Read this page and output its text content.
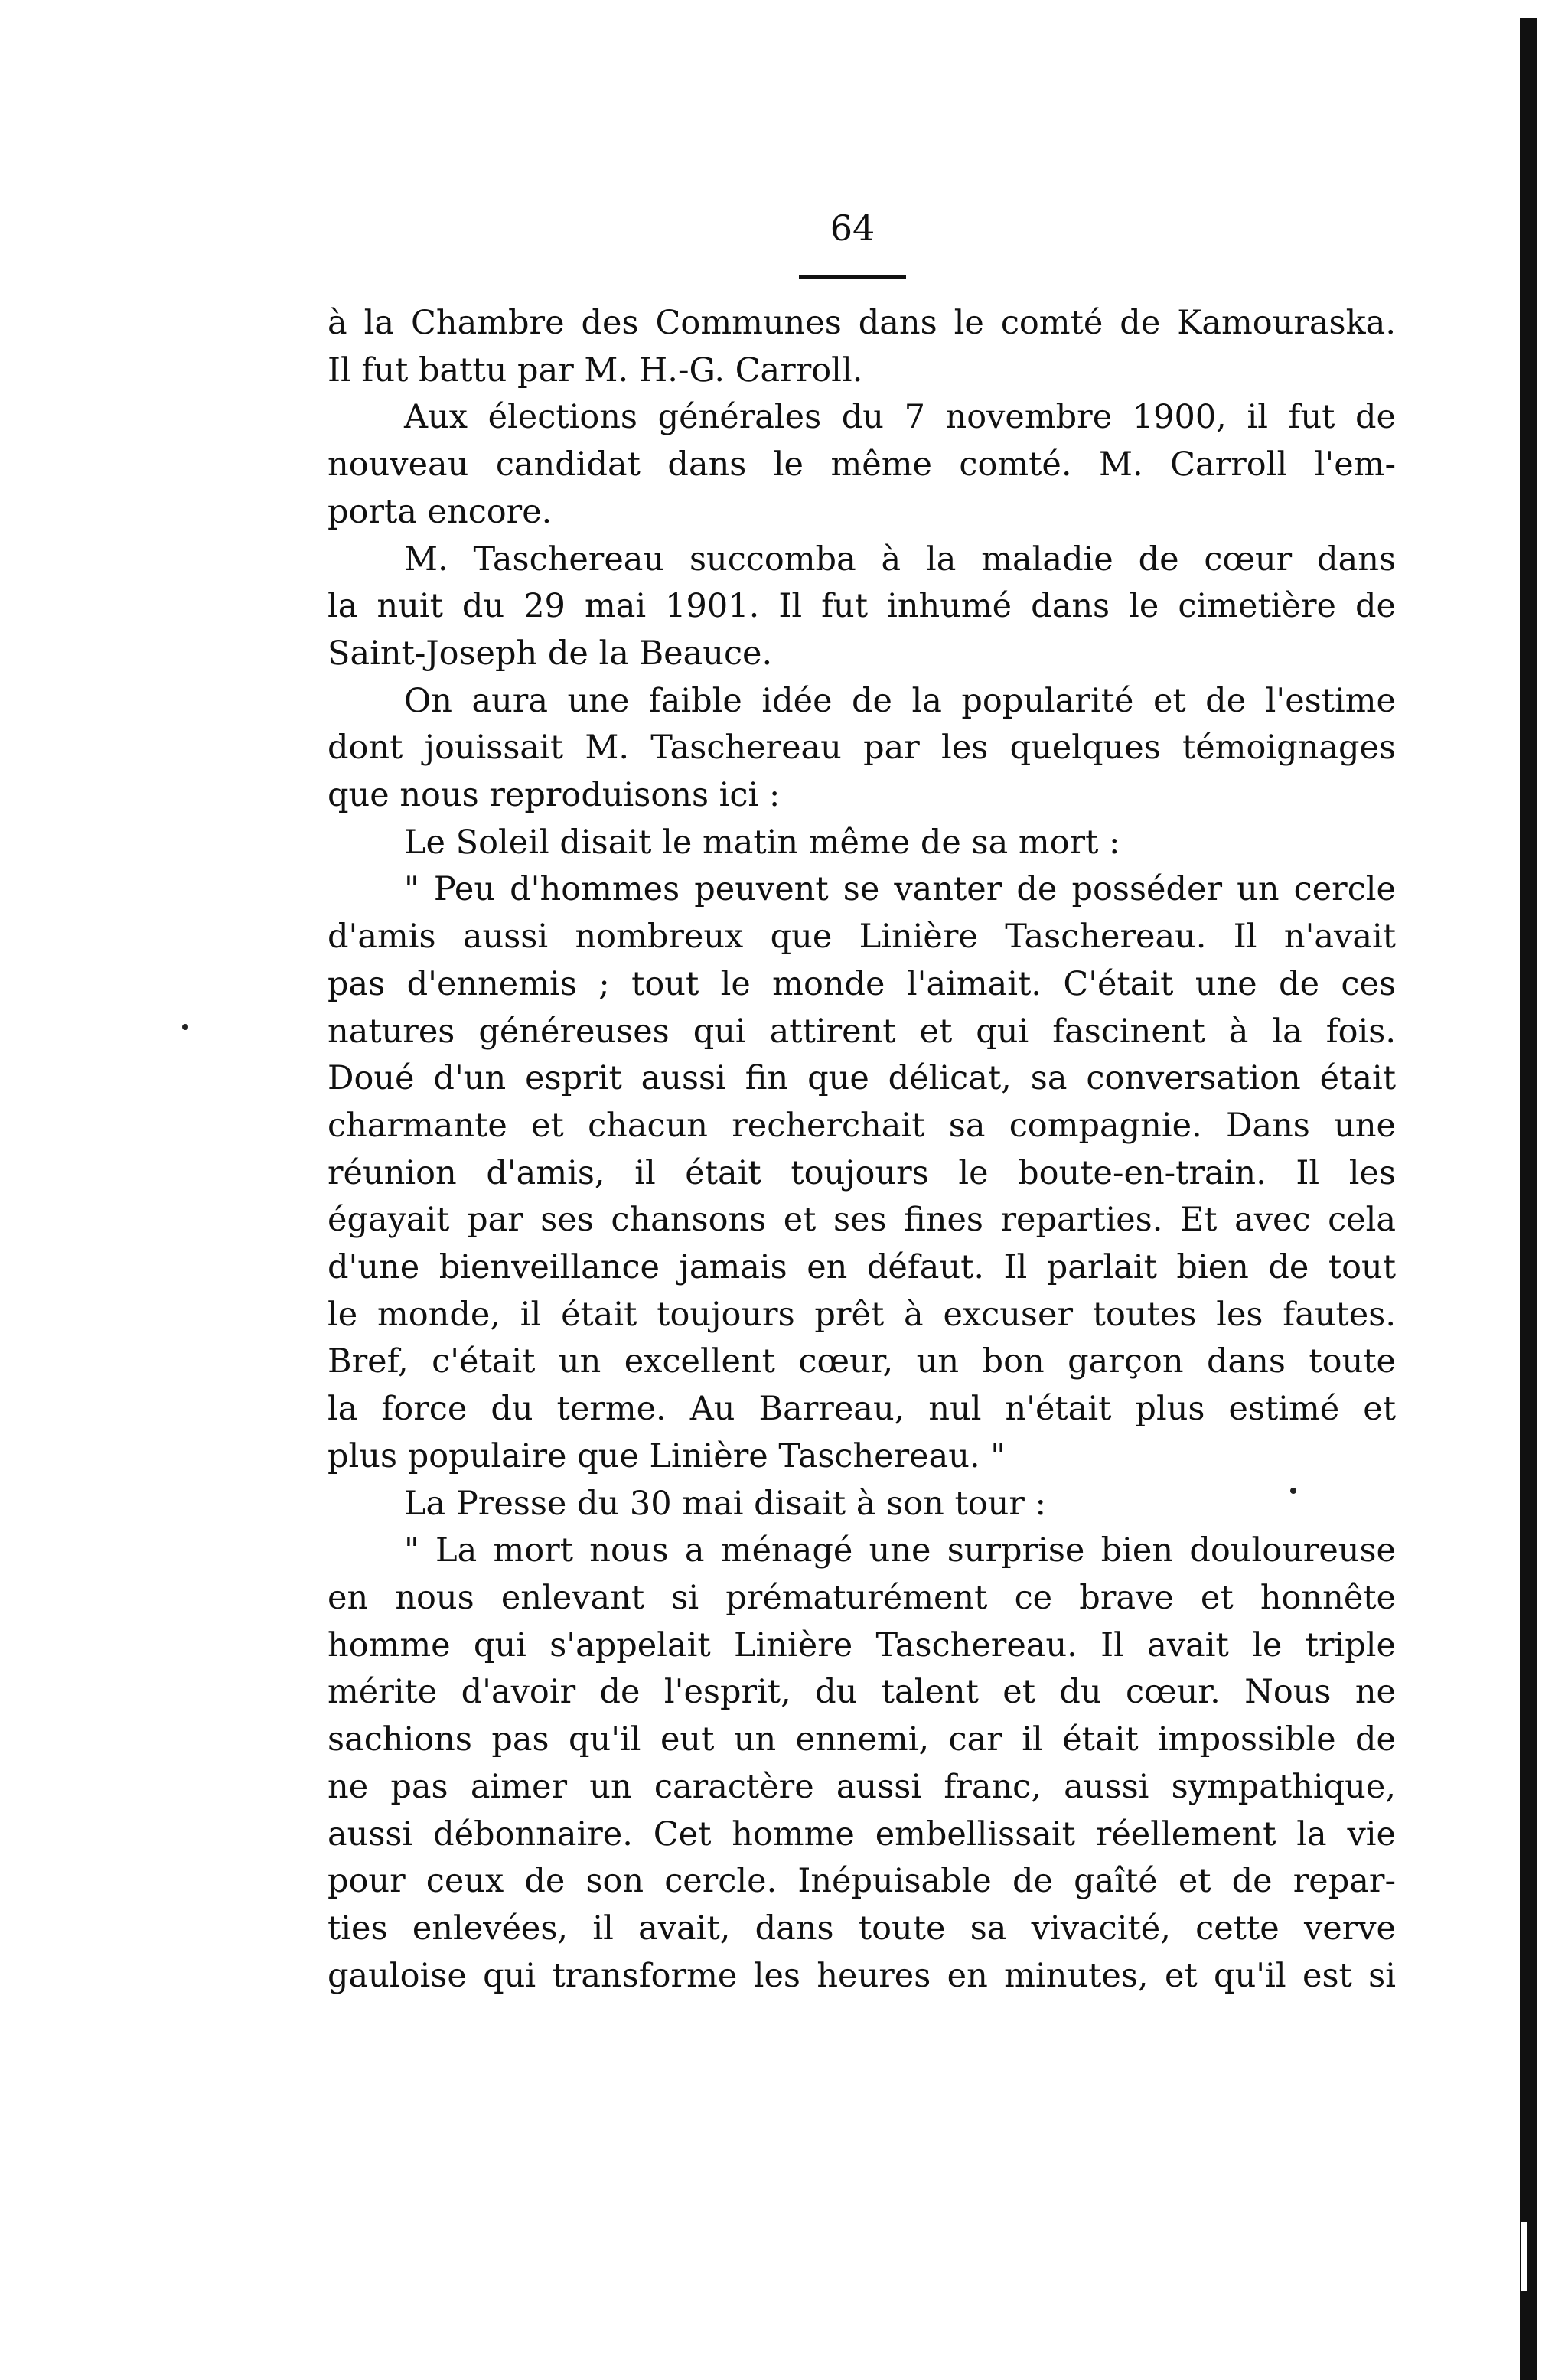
64
à la Chambre des Communes dans le comté de Kamouraska.
Il fut battu par M. H.-G. Carroll.
Aux élections générales du 7 novembre 1900, il fut de
nouveau candidat dans le même comté. M. Carroll l'em-
porta encore.
M. Taschereau succomba à la maladie de cœur dans
la nuit du 29 mai 1901. Il fut inhumé dans le cimetière de
Saint-Joseph de la Beauce.
On aura une faible idée de la popularité et de l'estime
dont jouissait M. Taschereau par les quelques témoignages
que nous reproduisons ici :
Le Soleil disait le matin même de sa mort :
" Peu d'hommes peuvent se vanter de posséder un cercle
d'amis aussi nombreux que Linière Taschereau. Il n'avait
pas d'ennemis ; tout le monde l'aimait. C'était une de ces
natures généreuses qui attirent et qui fascinent à la fois.
Doué d'un esprit aussi fin que délicat, sa conversation était
charmante et chacun recherchait sa compagnie. Dans une
réunion d'amis, il était toujours le boute-en-train. Il les
égayait par ses chansons et ses fines reparties. Et avec cela
d'une bienveillance jamais en défaut. Il parlait bien de tout
le monde, il était toujours prêt à excuser toutes les fautes.
Bref, c'était un excellent cœur, un bon garçon dans toute
la force du terme. Au Barreau, nul n'était plus estimé et
plus populaire que Linière Taschereau. "
La Presse du 30 mai disait à son tour :
" La mort nous a ménagé une surprise bien douloureuse
en nous enlevant si prématurément ce brave et honnête
homme qui s'appelait Linière Taschereau. Il avait le triple
mérite d'avoir de l'esprit, du talent et du cœur. Nous ne
sachions pas qu'il eut un ennemi, car il était impossible de
ne pas aimer un caractère aussi franc, aussi sympathique,
aussi débonnaire. Cet homme embellissait réellement la vie
pour ceux de son cercle. Inépuisable de gaîté et de repar-
ties enlevées, il avait, dans toute sa vivacité, cette verve
gauloise qui transforme les heures en minutes, et qu'il est si
